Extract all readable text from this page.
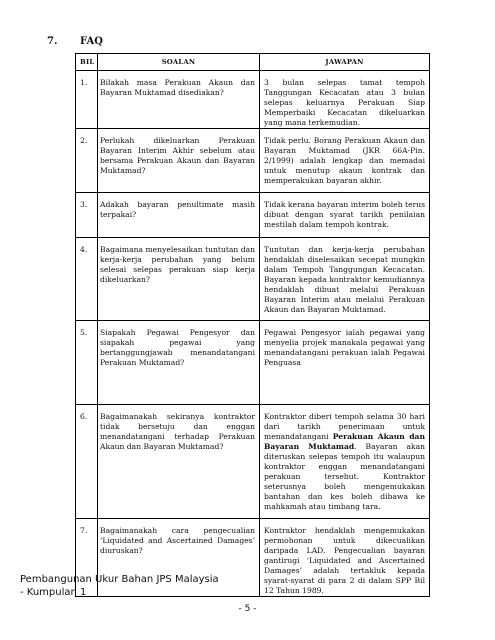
7. FAQ
BIL	SOALAN	JAWAPAN
1.	Bilakah masa Perakuan Akaun dan Bayaran Muktamad disediakan?	3 bulan selepas tamat tempoh Tanggungan Kecacatan atau 3 bulan selepas keluarnya Perakuan Siap Memperbaiki Kecacatan dikeluarkan yang mana terkemudian.
2.	Perlukah dikeluarkan Perakuan Bayaran Interim Akhir sebelum atau bersama Perakuan Akaun dan Bayaran Muktamad?	Tidak perlu. Borang Perakuan Akaun dan Bayaran Muktamad (JKR 66A-Pin. 2/1999) adalah lengkap dan memadai untuk menutup akaun kontrak dan memperakukan bayaran akhir.
3.	Adakah bayaran penultimate masih terpakai?	Tidak kerana bayaran interim boleh terus dibuat dengan syarat tarikh penilaian mestilah dalam tempoh kontrak.
4.	Bagaimana menyelesaikan tuntutan dan kerja-kerja perubahan yang belum selesai selepas perakuan siap kerja dikeluarkan?	Tuntutan dan kerja-kerja perubahan hendaklah diselesaikan secepat mungkin dalam Tempoh Tanggungan Kecacatan. Bayaran kepada kontraktor kemudiannya hendaklah dibuat melalui Perakuan Bayaran Interim atau melalui Perakuan Akaun dan Bayaran Muktamad.
5.	Siapakah Pegawai Pengesyor dan siapakah pegawai yang bertanggungjawab menandatangani Perakuan Muktamad?	Pegawai Pengesyor ialah pegawai yang menyelia projek manakala pegawai yang menandatangani perakuan ialah Pegawai Penguasa
6.	Bagaimanakah sekiranya kontraktor tidak bersetuju dan enggan menandatangani terhadap Perakuan Akaun dan Bayaran Muktamad?	Kontraktor diberi tempoh selama 30 hari dari tarikh penerimaan untuk menandatangani Perakuan Akaun dan Bayaran Muktamad. Bayaran akan diteruskan selepas tempoh itu walaupun kontraktor enggan menandatangani perakuan tersebut. Kontraktor seterusnya boleh mengemukakan bantahan dan kes boleh dibawa ke mahkamah atau timbang tara.
7.	Bagaimanakah cara pengecualian ‘Liquidated and Ascertained Damages’ diuruskan?	Kontraktor hendaklah mengemukakan permohonan untuk dikecualikan daripada LAD. Pengecualian bayaran gantirugi ‘Liquidated and Ascertained Damages’ adalah tertakluk kepada syarat-syarat di para 2 di dalam SPP Bil 12 Tahun 1989.
Pembangunan Ukur Bahan JPS Malaysia
- Kumpulan 1
- 5 -
